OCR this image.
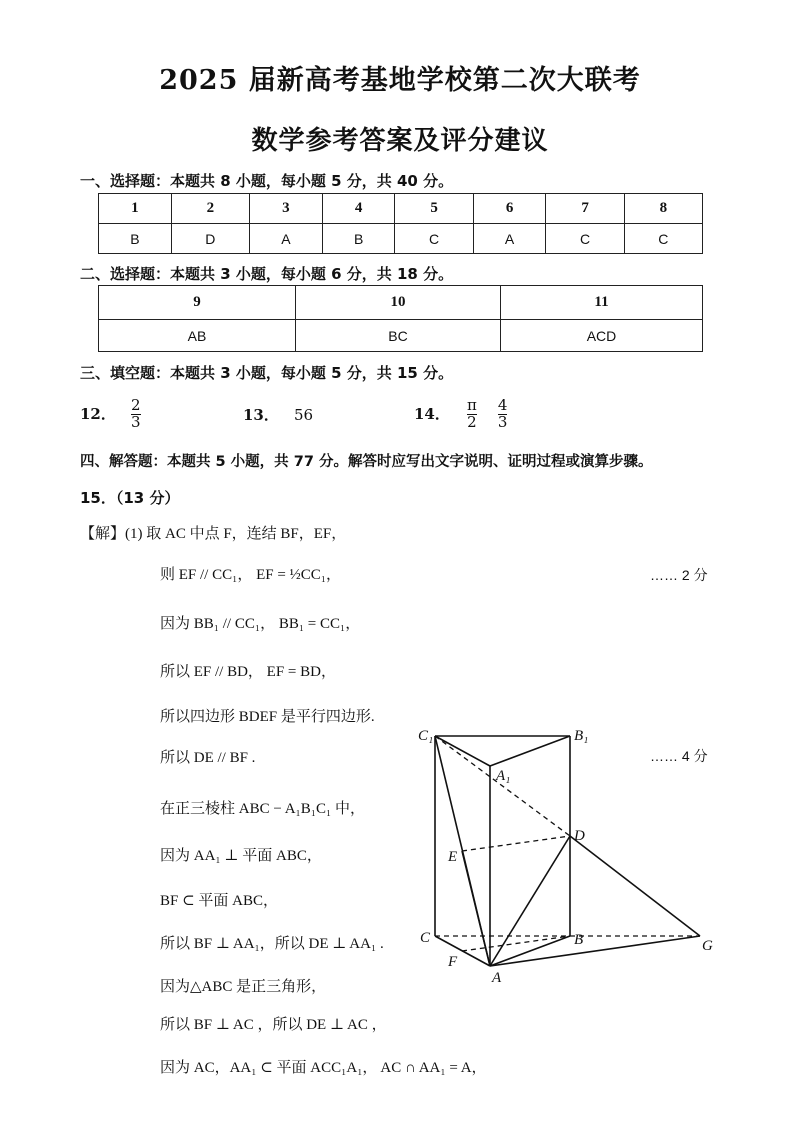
2025 届新高考基地学校第二次大联考
数学参考答案及评分建议
一、选择题：本题共 8 小题，每小题 5 分，共 40 分。
1	2	3	4	5	6	7	8
B	D	A	B	C	A	C	C
二、选择题：本题共 3 小题，每小题 6 分，共 18 分。
9	10	11
AB	BC	ACD
三、填空题：本题共 3 小题，每小题 5 分，共 15 分。
12． $\frac{2}{3}$	13． 56	14． $\frac{\pi}{2}$
$\frac{4}{3}$
四、解答题：本题共 5 小题，共 77 分。解答时应写出文字说明、证明过程或演算步骤。
15．（13 分）
【解】(1) 取 AC 中点 F，连结 BF，EF，
则 EF // CC₁， EF = ½CC₁，	…… 2 分
因为 BB₁ // CC₁， BB₁ = CC₁，
所以 EF // BD， EF = BD，
所以四边形 BDEF 是平行四边形.
所以 DE // BF .	…… 4 分
在正三棱柱 ABC − A₁B₁C₁ 中，
因为 AA₁ ⊥ 平面 ABC，
BF ⊂ 平面 ABC，
所以 BF ⊥ AA₁，所以 DE ⊥ AA₁ .
因为△ABC 是正三角形，
所以 BF ⊥ AC ，所以 DE ⊥ AC ，
因为 AC，AA₁ ⊂ 平面 ACC₁A₁， AC ∩ AA₁ = A，
C₁	B₁
A₁
D
E
C	B
F
A
G
